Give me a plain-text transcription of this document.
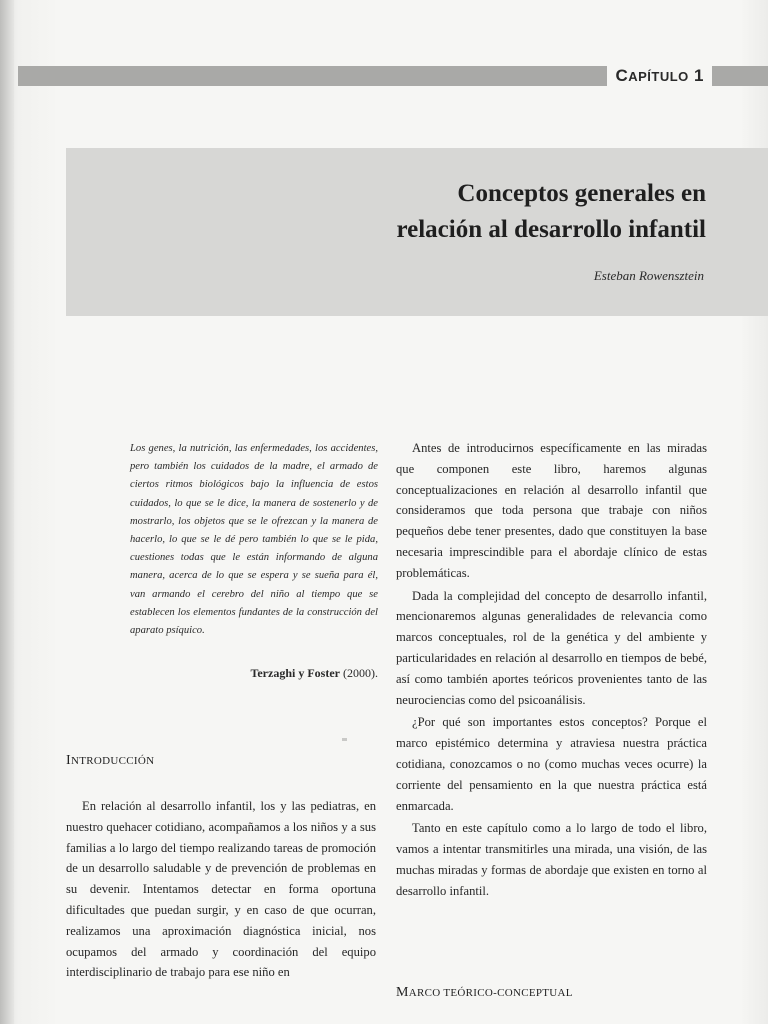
CAPÍTULO 1
Conceptos generales en
relación al desarrollo infantil
Esteban Rowensztein

Los genes, la nutrición, las enfermedades, los accidentes, pero también los cuidados de la madre, el armado de ciertos ritmos biológicos bajo la influencia de estos cuidados, lo que se le dice, la manera de sostenerlo y de mostrarlo, los objetos que se le ofrezcan y la manera de hacerlo, lo que se le dé pero también lo que se le pida, cuestiones todas que le están informando de alguna manera, acerca de lo que se espera y se sueña para él, van armando el cerebro del niño al tiempo que se establecen los elementos fundantes de la construcción del aparato psíquico.

Terzaghi y Foster (2000).
INTRODUCCIÓN

En relación al desarrollo infantil, los y las pediatras, en nuestro quehacer cotidiano, acompañamos a los niños y a sus familias a lo largo del tiempo realizando tareas de promoción de un desarrollo saludable y de prevención de problemas en su devenir. Intentamos detectar en forma oportuna dificultades que puedan surgir, y en caso de que ocurran, realizamos una aproximación diagnóstica inicial, nos ocupamos del armado y coordinación del equipo interdisciplinario de trabajo para ese niño en

Antes de introducirnos específicamente en las miradas que componen este libro, haremos algunas conceptualizaciones en relación al desarrollo infantil que consideramos que toda persona que trabaje con niños pequeños debe tener presentes, dado que constituyen la base necesaria imprescindible para el abordaje clínico de estas problemáticas.

Dada la complejidad del concepto de desarrollo infantil, mencionaremos algunas generalidades de relevancia como marcos conceptuales, rol de la genética y del ambiente y particularidades en relación al desarrollo en tiempos de bebé, así como también aportes teóricos provenientes tanto de las neurociencias como del psicoanálisis.

¿Por qué son importantes estos conceptos? Porque el marco epistémico determina y atraviesa nuestra práctica cotidiana, conozcamos o no (como muchas veces ocurre) la corriente del pensamiento en la que nuestra práctica está enmarcada.

Tanto en este capítulo como a lo largo de todo el libro, vamos a intentar transmitirles una mirada, una visión, de las muchas miradas y formas de abordaje que existen en torno al desarrollo infantil.

MARCO TEÓRICO-CONCEPTUAL
